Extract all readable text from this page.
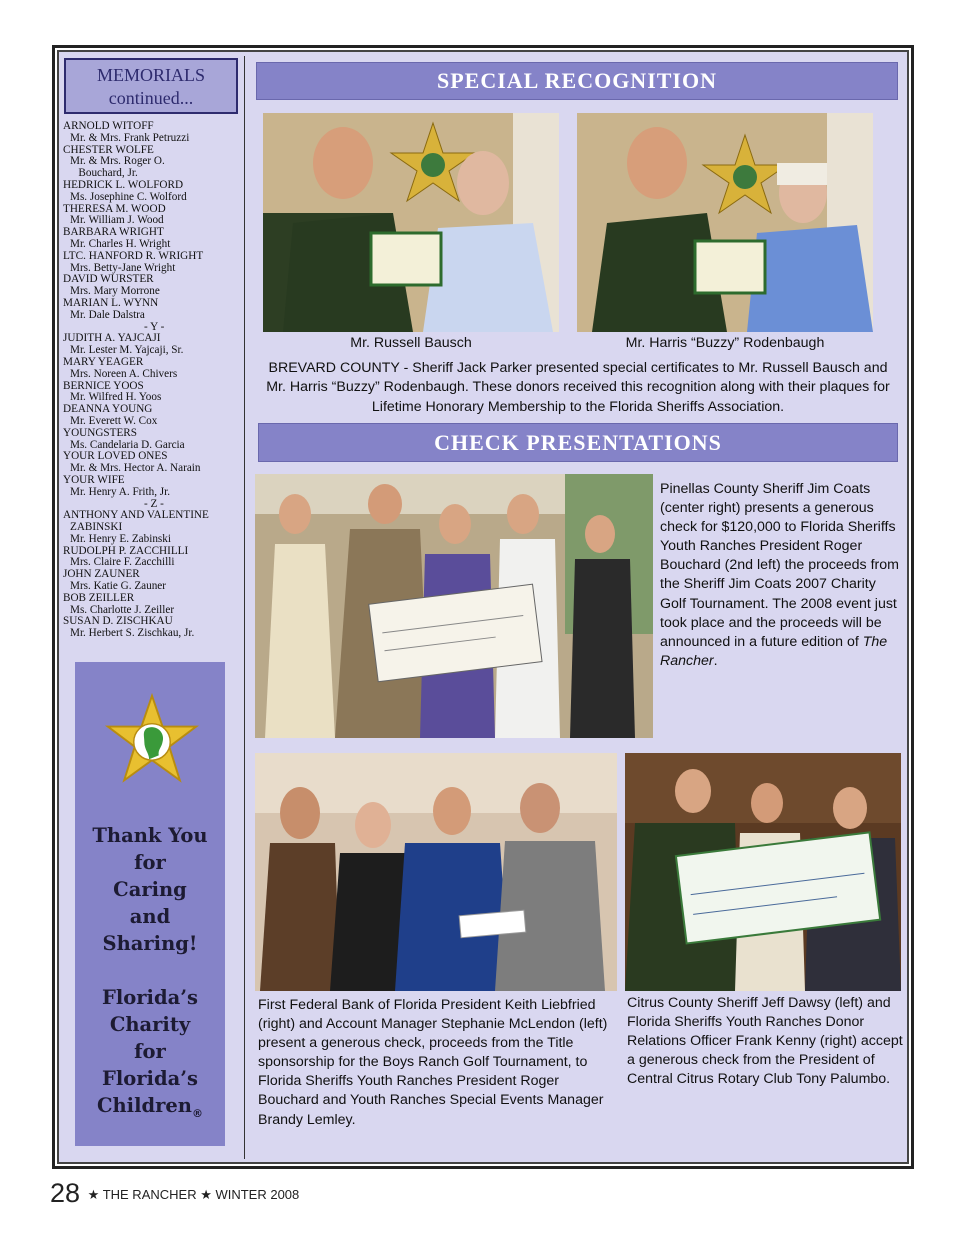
MEMORIALS
continued...
ARNOLD WITOFF
Mr. & Mrs. Frank Petruzzi
CHESTER WOLFE
Mr. & Mrs. Roger O.
Bouchard, Jr.
HEDRICK L. WOLFORD
Ms. Josephine C. Wolford
THERESA M. WOOD
Mr. William J. Wood
BARBARA WRIGHT
Mr. Charles H. Wright
LTC. HANFORD R. WRIGHT
Mrs. Betty-Jane Wright
DAVID WURSTER
Mrs. Mary Morrone
MARIAN L. WYNN
Mr. Dale Dalstra
- Y -
JUDITH A. YAJCAJI
Mr. Lester M. Yajcaji, Sr.
MARY YEAGER
Mrs. Noreen A. Chivers
BERNICE YOOS
Mr. Wilfred H. Yoos
DEANNA YOUNG
Mr. Everett W. Cox
YOUNGSTERS
Ms. Candelaria D. Garcia
YOUR LOVED ONES
Mr. & Mrs. Hector A. Narain
YOUR WIFE
Mr. Henry A. Frith, Jr.
- Z -
ANTHONY AND VALENTINE
ZABINSKI
Mr. Henry E. Zabinski
RUDOLPH P. ZACCHILLI
Mrs. Claire F. Zacchilli
JOHN ZAUNER
Mrs. Katie G. Zauner
BOB ZEILLER
Ms. Charlotte J. Zeiller
SUSAN D. ZISCHKAU
Mr. Herbert S. Zischkau, Jr.
Thank You
for
Caring
and
Sharing!
Florida’s
Charity
for
Florida’s
Children$_®$
SPECIAL RECOGNITION
Mr. Russell Bausch	Mr. Harris “Buzzy” Rodenbaugh
BREVARD COUNTY - Sheriff Jack Parker presented special certificates to Mr. Russell Bausch and Mr. Harris “Buzzy” Rodenbaugh. These donors received this recognition along with their plaques for Lifetime Honorary Membership to the Florida Sheriffs Association.
CHECK PRESENTATIONS
Pinellas County Sheriff Jim Coats (center right) presents a generous check for $120,000 to Florida Sheriffs Youth Ranches President Roger Bouchard (2nd left) the proceeds from the Sheriff Jim Coats 2007 Charity Golf Tournament. The 2008 event just took place and the proceeds will be announced in a future edition of The Rancher.
First Federal Bank of Florida President Keith Liebfried (right) and Account Manager Stephanie McLendon (left) present a generous check, proceeds from the Title sponsorship for the Boys Ranch Golf Tournament, to Florida Sheriffs Youth Ranches President Roger Bouchard and Youth Ranches Special Events Manager Brandy Lemley.
Citrus County Sheriff Jeff Dawsy (left) and Florida Sheriffs Youth Ranches Donor Relations Officer Frank Kenny (right) accept a generous check from the President of Central Citrus Rotary Club Tony Palumbo.
28 ★ THE RANCHER ★ WINTER 2008
